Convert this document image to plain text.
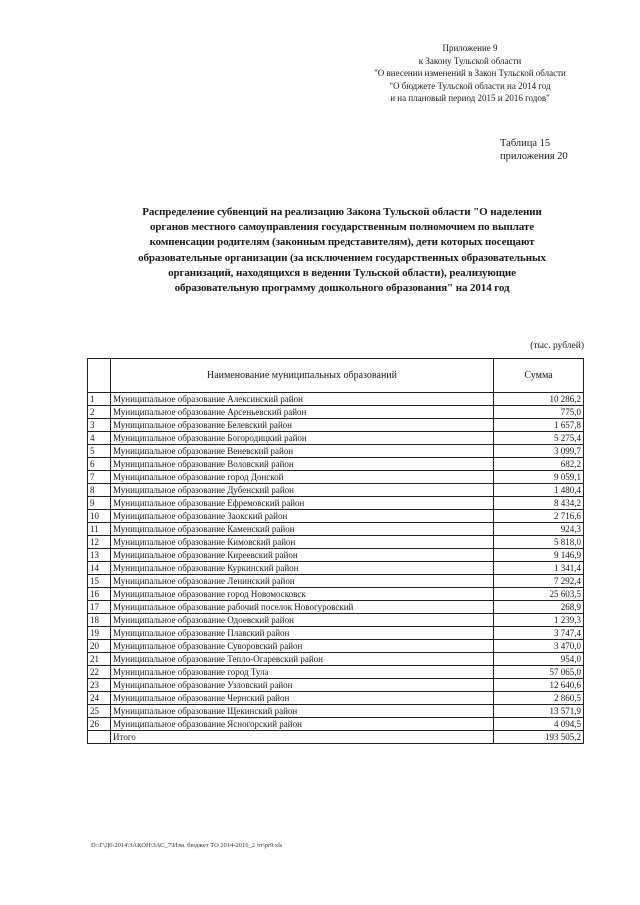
Приложение 9
к Закону Тульской области
"О внесении изменений в Закон Тульской области
"О бюджете Тульской области на 2014 год
и на плановый период 2015 и 2016 годов"
Таблица 15
приложения 20
Распределение субвенций на реализацию Закона Тульской области "О наделении
органов местного самоуправления государственным полномочием по выплате
компенсации родителям (законным представителям), дети которых посещают
образовательные организации (за исключением государственных образовательных
организаций, находящихся в ведении Тульской области), реализующие
образовательную программу дошкольного образования" на 2014 год
(тыс. рублей)
	Наименование муниципальных образований	Сумма
1	Муниципальное образование Алексинский район	10 286,2
2	Муниципальное образование Арсеньевский район	775,0
3	Муниципальное образование Белевский район	1 657,8
4	Муниципальное образование Богородицкий район	5 275,4
5	Муниципальное образование Веневский район	3 099,7
6	Муниципальное образование Воловский район	682,2
7	Муниципальное образование город Донской	9 059,1
8	Муниципальное образование Дубенский район	1 480,4
9	Муниципальное образование Ефремовский район	8 434,2
10	Муниципальное образование Заокский район	2 716,6
11	Муниципальное образование Каменский район	924,3
12	Муниципальное образование Кимовский район	5 818,0
13	Муниципальное образование Киреевский район	9 146,9
14	Муниципальное образование Куркинский район	1 341,4
15	Муниципальное образование Ленинский район	7 292,4
16	Муниципальное образование город Новомосковск	25 603,5
17	Муниципальное образование рабочий поселок Новогуровский	268,9
18	Муниципальное образование Одоевский район	1 239,3
19	Муниципальное образование Плавский район	3 747,4
20	Муниципальное образование Суворовский район	3 470,0
21	Муниципальное образование Тепло-Огаревский район	954,0
22	Муниципальное образование город Тула	57 065,0
23	Муниципальное образование Узловский район	12 640,6
24	Муниципальное образование Чернский район	2 860,5
25	Муниципальное образование Щекинский район	13 571,9
26	Муниципальное образование Ясногорский район	4 094,5
	Итого	193 505,2
D:\Г\Д6\2014\ЗАКОН\ЗАС_7\Изм. бюджет ТО 2014-2016_2 чт\pr9.xls
